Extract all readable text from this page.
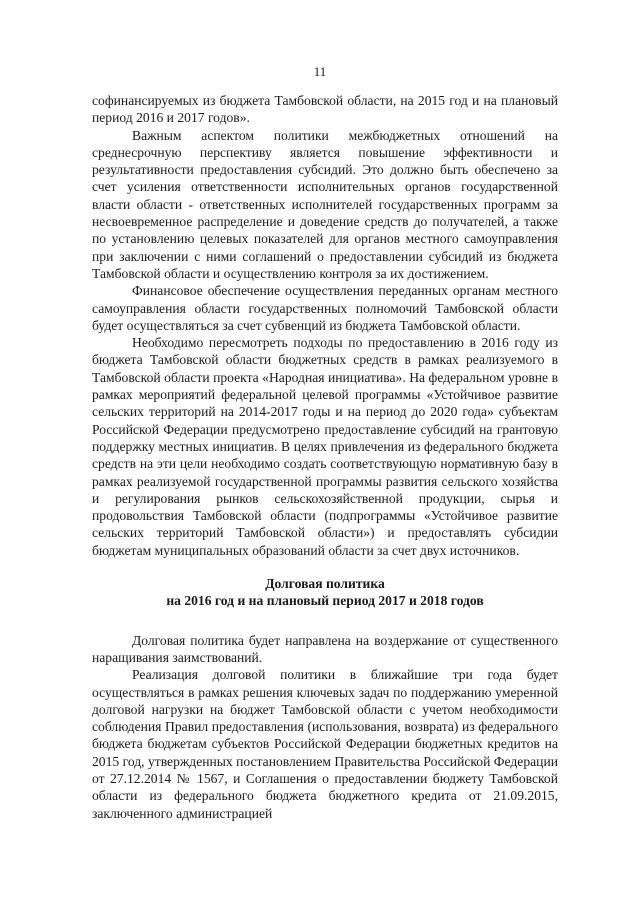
11

софинансируемых из бюджета Тамбовской области, на 2015 год и на плановый период 2016 и 2017 годов».

Важным аспектом политики межбюджетных отношений на среднесрочную перспективу является повышение эффективности и результативности предоставления субсидий. Это должно быть обеспечено за счет усиления ответственности исполнительных органов государственной власти области - ответственных исполнителей государственных программ за несвоевременное распределение и доведение средств до получателей, а также по установлению целевых показателей для органов местного самоуправления при заключении с ними соглашений о предоставлении субсидий из бюджета Тамбовской области и осуществлению контроля за их достижением.

Финансовое обеспечение осуществления переданных органам местного самоуправления области государственных полномочий Тамбовской области будет осуществляться за счет субвенций из бюджета Тамбовской области.

Необходимо пересмотреть подходы по предоставлению в 2016 году из бюджета Тамбовской области бюджетных средств в рамках реализуемого в Тамбовской области проекта «Народная инициатива». На федеральном уровне в рамках мероприятий федеральной целевой программы «Устойчивое развитие сельских территорий на 2014-2017 годы и на период до 2020 года» субъектам Российской Федерации предусмотрено предоставление субсидий на грантовую поддержку местных инициатив. В целях привлечения из федерального бюджета средств на эти цели необходимо создать соответствующую нормативную базу в рамках реализуемой государственной программы развития сельского хозяйства и регулирования рынков сельскохозяйственной продукции, сырья и продовольствия Тамбовской области (подпрограммы «Устойчивое развитие сельских территорий Тамбовской области») и предоставлять субсидии бюджетам муниципальных образований области за счет двух источников.

Долговая политика

на 2016 год и на плановый период 2017 и 2018 годов

Долговая политика будет направлена на воздержание от существенного наращивания заимствований.

Реализация долговой политики в ближайшие три года будет осуществляться в рамках решения ключевых задач по поддержанию умеренной долговой нагрузки на бюджет Тамбовской области с учетом необходимости соблюдения Правил предоставления (использования, возврата) из федерального бюджета бюджетам субъектов Российской Федерации бюджетных кредитов на 2015 год, утвержденных постановлением Правительства Российской Федерации от 27.12.2014 № 1567, и Соглашения о предоставлении бюджету Тамбовской области из федерального бюджета бюджетного кредита от 21.09.2015, заключенного администрацией
